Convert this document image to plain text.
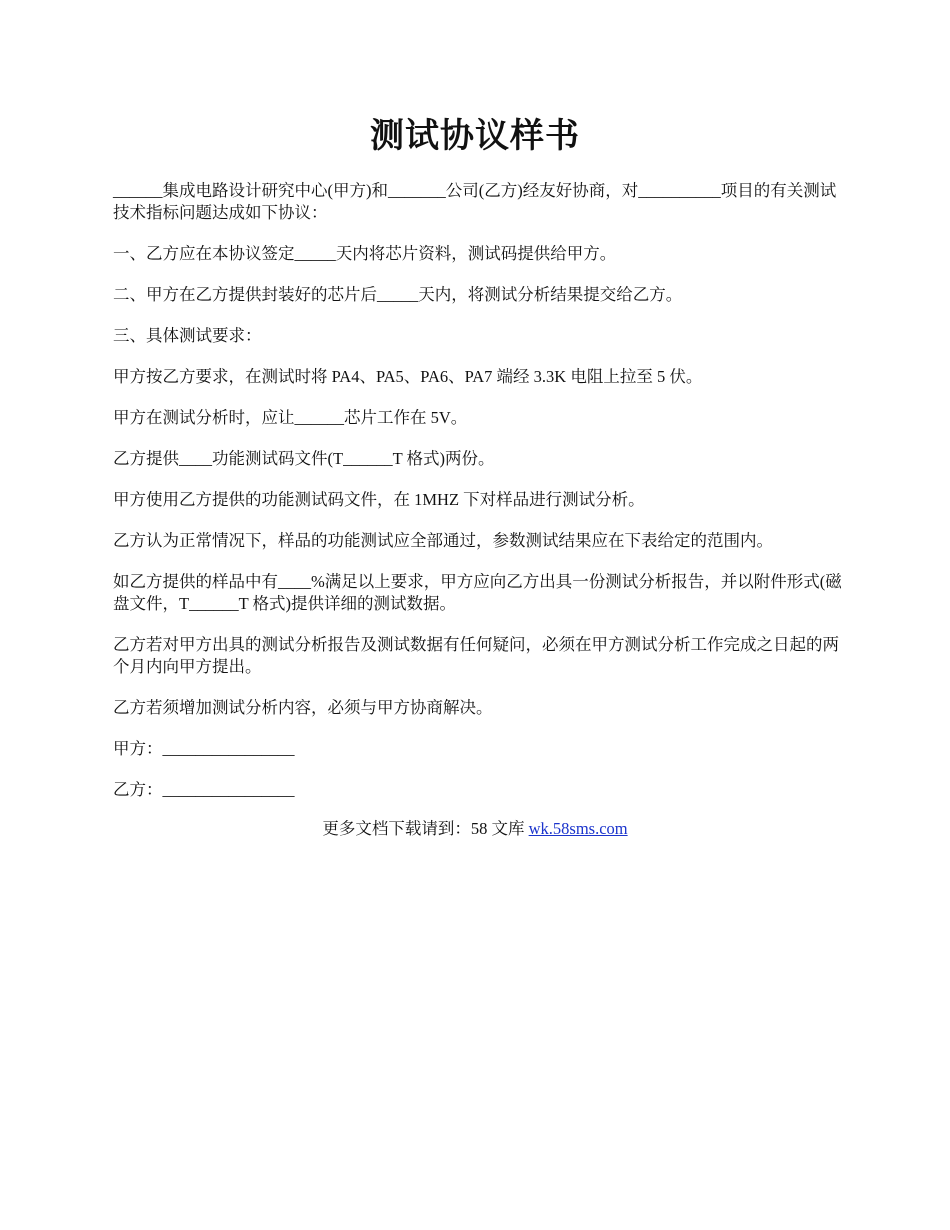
测试协议样书

______集成电路设计研究中心(甲方)和_______公司(乙方)经友好协商，对__________项目的有关测试技术指标问题达成如下协议：

一、乙方应在本协议签定_____天内将芯片资料，测试码提供给甲方。

二、甲方在乙方提供封装好的芯片后_____天内，将测试分析结果提交给乙方。

三、具体测试要求：

甲方按乙方要求，在测试时将 PA4、PA5、PA6、PA7 端经 3.3K 电阻上拉至 5 伏。

甲方在测试分析时，应让______芯片工作在 5V。

乙方提供____功能测试码文件(T______T 格式)两份。

甲方使用乙方提供的功能测试码文件，在 1MHZ 下对样品进行测试分析。

乙方认为正常情况下，样品的功能测试应全部通过，参数测试结果应在下表给定的范围内。

如乙方提供的样品中有____%满足以上要求，甲方应向乙方出具一份测试分析报告，并以附件形式(磁盘文件，T______T 格式)提供详细的测试数据。

乙方若对甲方出具的测试分析报告及测试数据有任何疑问，必须在甲方测试分析工作完成之日起的两个月内向甲方提出。

乙方若须增加测试分析内容，必须与甲方协商解决。

甲方：________________

乙方：________________

更多文档下载请到：58 文库 wk.58sms.com
